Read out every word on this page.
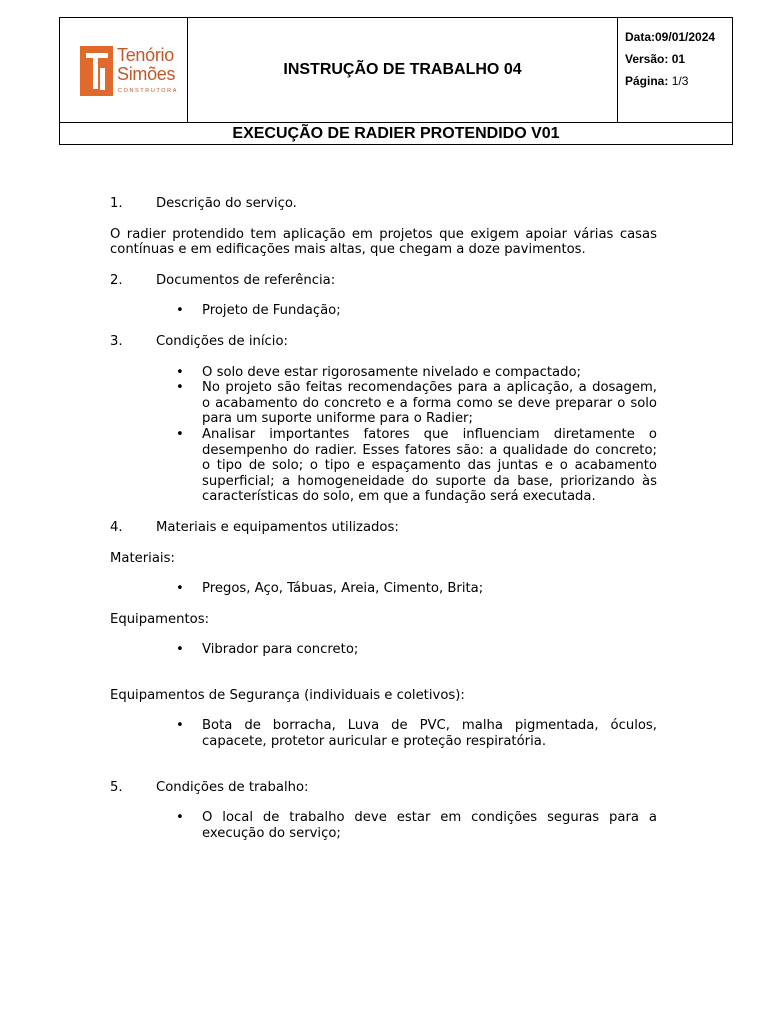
Tenório
Simões
CONSTRUTORA
INSTRUÇÃO DE TRABALHO 04
Data:09/01/2024
Versão: 01
Página: 1/3
EXECUÇÃO DE RADIER PROTENDIDO V01

1.	Descrição do serviço.

O radier protendido tem aplicação em projetos que exigem apoiar várias casas contínuas e em edificações mais altas, que chegam a doze pavimentos.

2.	Documentos de referência:

• Projeto de Fundação;

3.	Condições de início:

• O solo deve estar rigorosamente nivelado e compactado;
• No projeto são feitas recomendações para a aplicação, a dosagem, o acabamento do concreto e a forma como se deve preparar o solo para um suporte uniforme para o Radier;
• Analisar importantes fatores que influenciam diretamente o desempenho do radier. Esses fatores são: a qualidade do concreto; o tipo de solo; o tipo e espaçamento das juntas e o acabamento superficial; a homogeneidade do suporte da base, priorizando às características do solo, em que a fundação será executada.

4.	Materiais e equipamentos utilizados:

Materiais:

• Pregos, Aço, Tábuas, Areia, Cimento, Brita;

Equipamentos:

• Vibrador para concreto;

Equipamentos de Segurança (individuais e coletivos):

• Bota de borracha, Luva de PVC, malha pigmentada, óculos, capacete, protetor auricular e proteção respiratória.

5.	Condições de trabalho:

• O local de trabalho deve estar em condições seguras para a execução do serviço;
